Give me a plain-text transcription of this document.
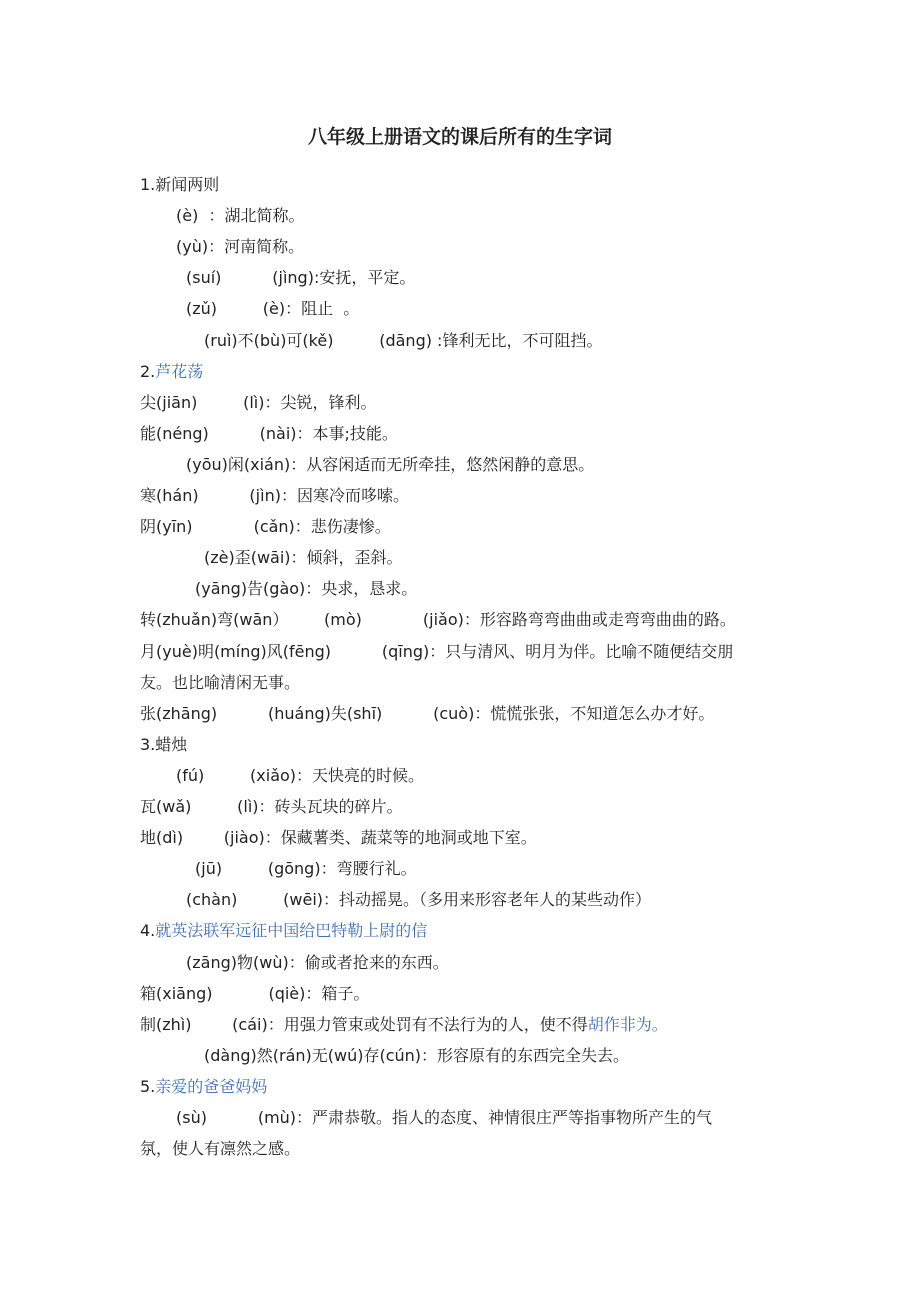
八年级上册语文的课后所有的生字词
1.新闻两则
(è)  ：湖北简称。
(yù)：河南简称。
(suí)          (jìng):安抚，平定。
(zǔ)         (è)：阻止  。
(ruì)不(bù)可(kě)         (dāng) :锋利无比，不可阻挡。
2.芦花荡
尖(jiān)         (lì)：尖锐，锋利。
能(néng)          (nài)：本事;技能。
(yōu)闲(xián)：从容闲适而无所牵挂，悠然闲静的意思。
寒(hán)          (jìn)：因寒冷而哆嗦。
阴(yīn)            (cǎn)：悲伤凄惨。
(zè)歪(wāi)：倾斜，歪斜。
(yāng)告(gào)：央求，恳求。
转(zhuǎn)弯(wān）       (mò)            (jiǎo)：形容路弯弯曲曲或走弯弯曲曲的路。
月(yuè)明(míng)风(fēng)          (qīng)：只与清风、明月为伴。比喻不随便结交朋
友。也比喻清闲无事。
张(zhāng)          (huáng)失(shī)          (cuò)：慌慌张张，不知道怎么办才好。
3.蜡烛
(fú)         (xiǎo)：天快亮的时候。
瓦(wǎ)         (lì)：砖头瓦块的碎片。
地(dì)        (jiào)：保藏薯类、蔬菜等的地洞或地下室。
(jū)         (gōng)：弯腰行礼。
(chàn)         (wēi)：抖动摇晃。（多用来形容老年人的某些动作）
4.就英法联军远征中国给巴特勒上尉的信
(zāng)物(wù)：偷或者抢来的东西。
箱(xiāng)           (qiè)：箱子。
制(zhì)        (cái)：用强力管束或处罚有不法行为的人，使不得胡作非为。
(dàng)然(rán)无(wú)存(cún)：形容原有的东西完全失去。
5.亲爱的爸爸妈妈
(sù)          (mù)：严肃恭敬。指人的态度、神情很庄严等指事物所产生的气
氛，使人有凛然之感。
